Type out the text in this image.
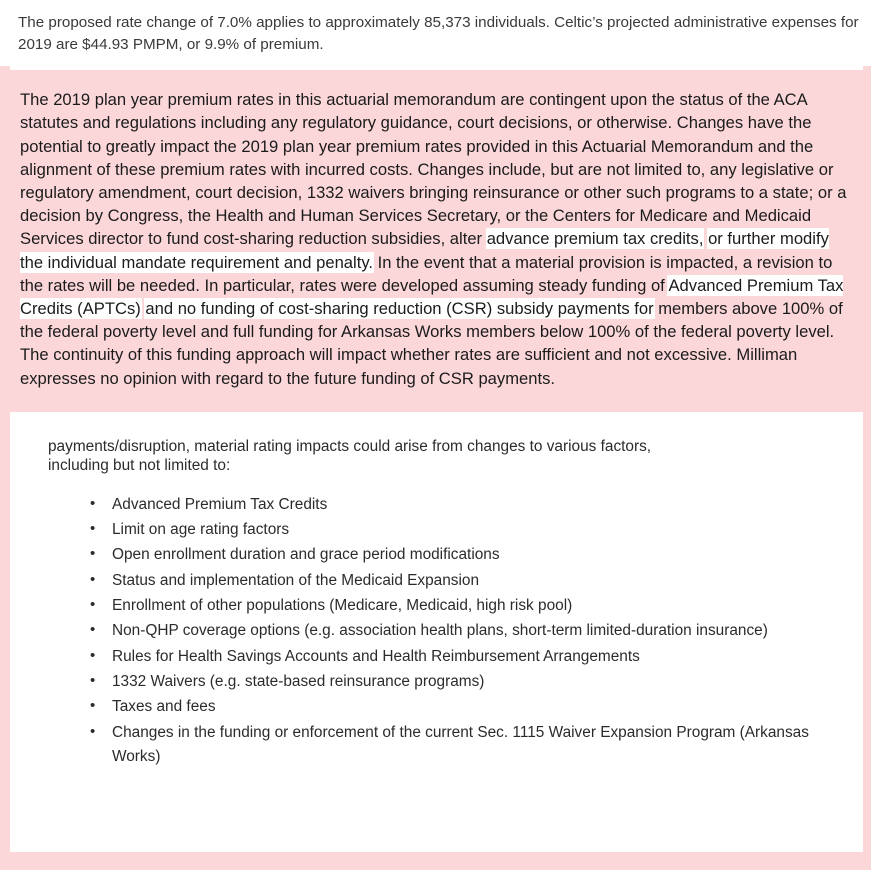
The proposed rate change of 7.0% applies to approximately 85,373 individuals. Celtic’s projected administrative expenses for 2019 are $44.93 PMPM, or 9.9% of premium.

The 2019 plan year premium rates in this actuarial memorandum are contingent upon the status of the ACA statutes and regulations including any regulatory guidance, court decisions, or otherwise. Changes have the potential to greatly impact the 2019 plan year premium rates provided in this Actuarial Memorandum and the alignment of these premium rates with incurred costs. Changes include, but are not limited to, any legislative or regulatory amendment, court decision, 1332 waivers bringing reinsurance or other such programs to a state; or a decision by Congress, the Health and Human Services Secretary, or the Centers for Medicare and Medicaid Services director to fund cost-sharing reduction subsidies, alter advance premium tax credits, or further modify the individual mandate requirement and penalty. In the event that a material provision is impacted, a revision to the rates will be needed. In particular, rates were developed assuming steady funding of Advanced Premium Tax Credits (APTCs) and no funding of cost-sharing reduction (CSR) subsidy payments for members above 100% of the federal poverty level and full funding for Arkansas Works members below 100% of the federal poverty level. The continuity of this funding approach will impact whether rates are sufficient and not excessive. Milliman expresses no opinion with regard to the future funding of CSR payments.

payments/disruption, material rating impacts could arise from changes to various factors,
including but not limited to:

• Advanced Premium Tax Credits
• Limit on age rating factors
• Open enrollment duration and grace period modifications
• Status and implementation of the Medicaid Expansion
• Enrollment of other populations (Medicare, Medicaid, high risk pool)
• Non-QHP coverage options (e.g. association health plans, short-term limited-duration insurance)
• Rules for Health Savings Accounts and Health Reimbursement Arrangements
• 1332 Waivers (e.g. state-based reinsurance programs)
• Taxes and fees
• Changes in the funding or enforcement of the current Sec. 1115 Waiver Expansion Program (Arkansas Works)
